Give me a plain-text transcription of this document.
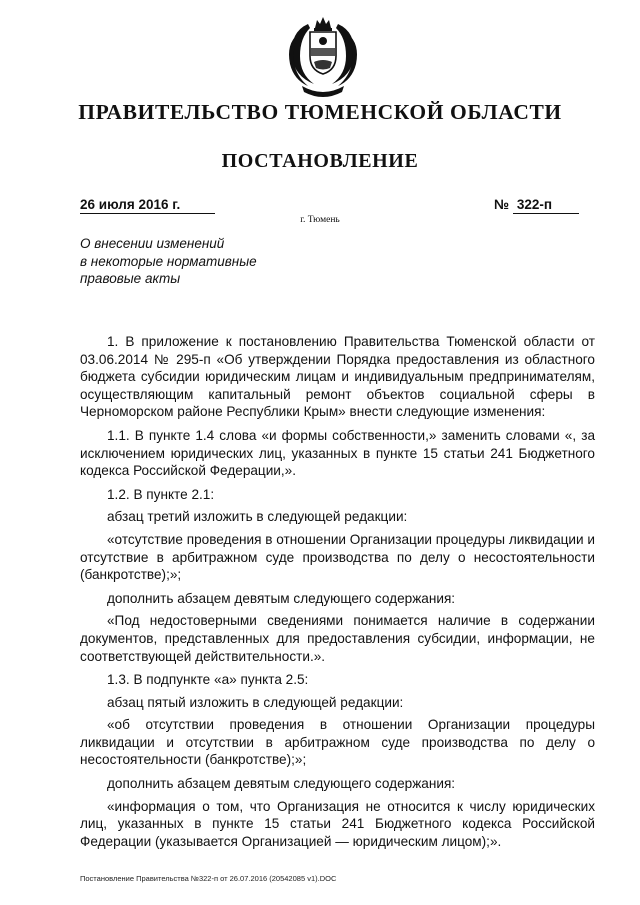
ПРАВИТЕЛЬСТВО ТЮМЕНСКОЙ ОБЛАСТИ
ПОСТАНОВЛЕНИЕ
26 июля 2016 г.	№ 322-п
г. Тюмень
О внесении изменений
в некоторые нормативные
правовые акты

1. В приложение к постановлению Правительства Тюменской области от 03.06.2014 № 295-п «Об утверждении Порядка предоставления из областного бюджета субсидии юридическим лицам и индивидуальным предпринимателям, осуществляющим капитальный ремонт объектов социальной сферы в Черноморском районе Республики Крым» внести следующие изменения:

1.1. В пункте 1.4 слова «и формы собственности,» заменить словами «, за исключением юридических лиц, указанных в пункте 15 статьи 241 Бюджетного кодекса Российской Федерации,».

1.2. В пункте 2.1:

абзац третий изложить в следующей редакции:

«отсутствие проведения в отношении Организации процедуры ликвидации и отсутствие в арбитражном суде производства по делу о несостоятельности (банкротстве);»;

дополнить абзацем девятым следующего содержания:

«Под недостоверными сведениями понимается наличие в содержании документов, представленных для предоставления субсидии, информации, не соответствующей действительности.».

1.3. В подпункте «а» пункта 2.5:

абзац пятый изложить в следующей редакции:

«об отсутствии проведения в отношении Организации процедуры ликвидации и отсутствии в арбитражном суде производства по делу о несостоятельности (банкротстве);»;

дополнить абзацем девятым следующего содержания:

«информация о том, что Организация не относится к числу юридических лиц, указанных в пункте 15 статьи 241 Бюджетного кодекса Российской Федерации (указывается Организацией — юридическим лицом);».

Постановление Правительства №322-п от 26.07.2016 (20542085 v1).DOC
